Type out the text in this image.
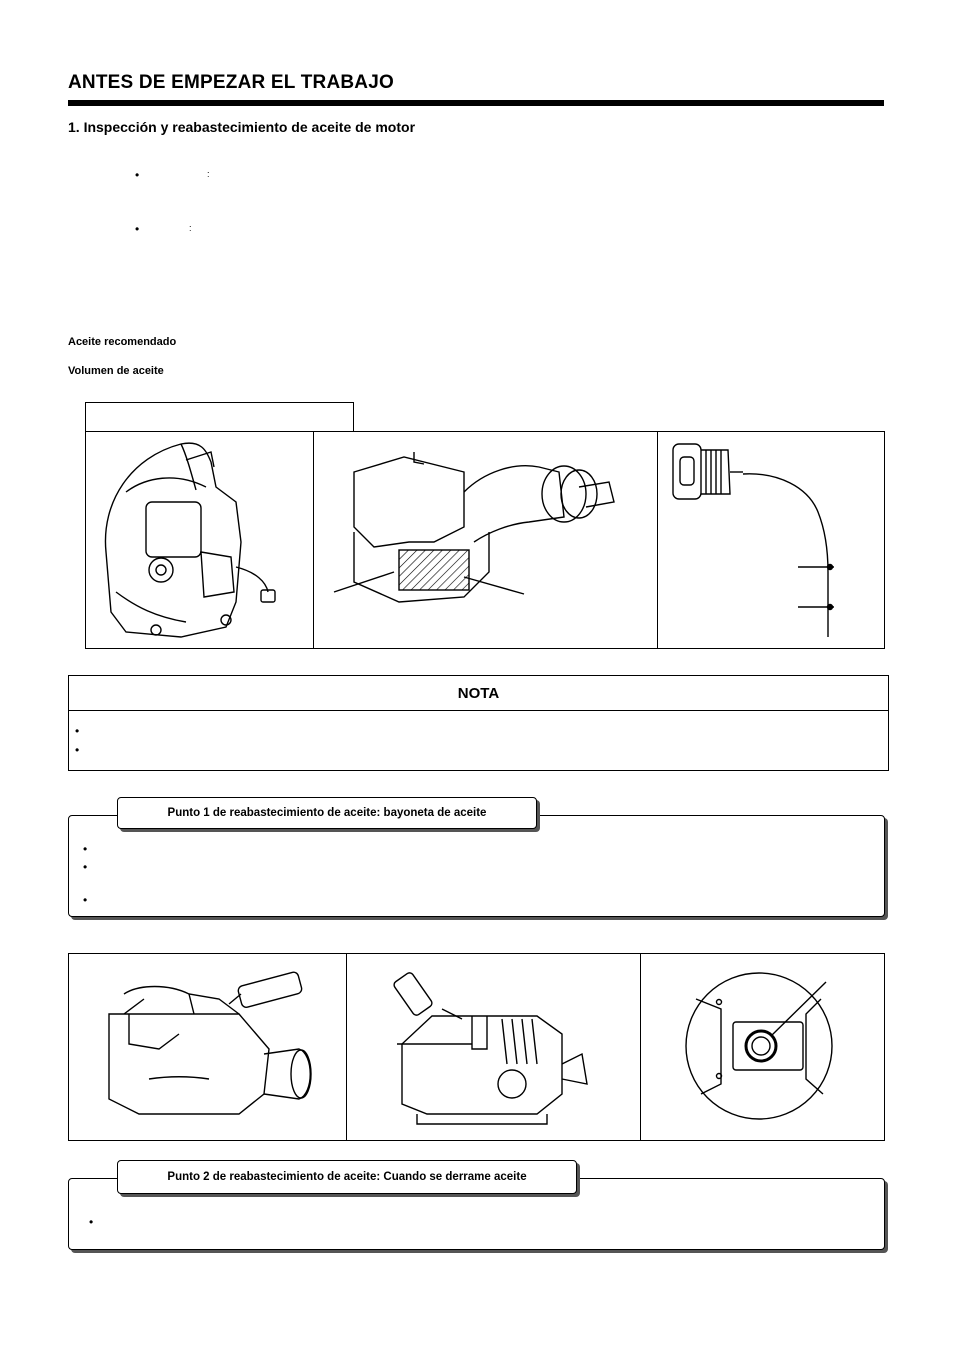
ANTES DE EMPEZAR EL TRABAJO
1. Inspección y reabastecimiento de aceite de motor
•	:
•	:
Aceite recomendado
Volumen de aceite
NOTA
•
•
•
•
•
Punto 1 de reabastecimiento de aceite: bayoneta de aceite
•
Punto 2 de reabastecimiento de aceite: Cuando se derrame aceite
